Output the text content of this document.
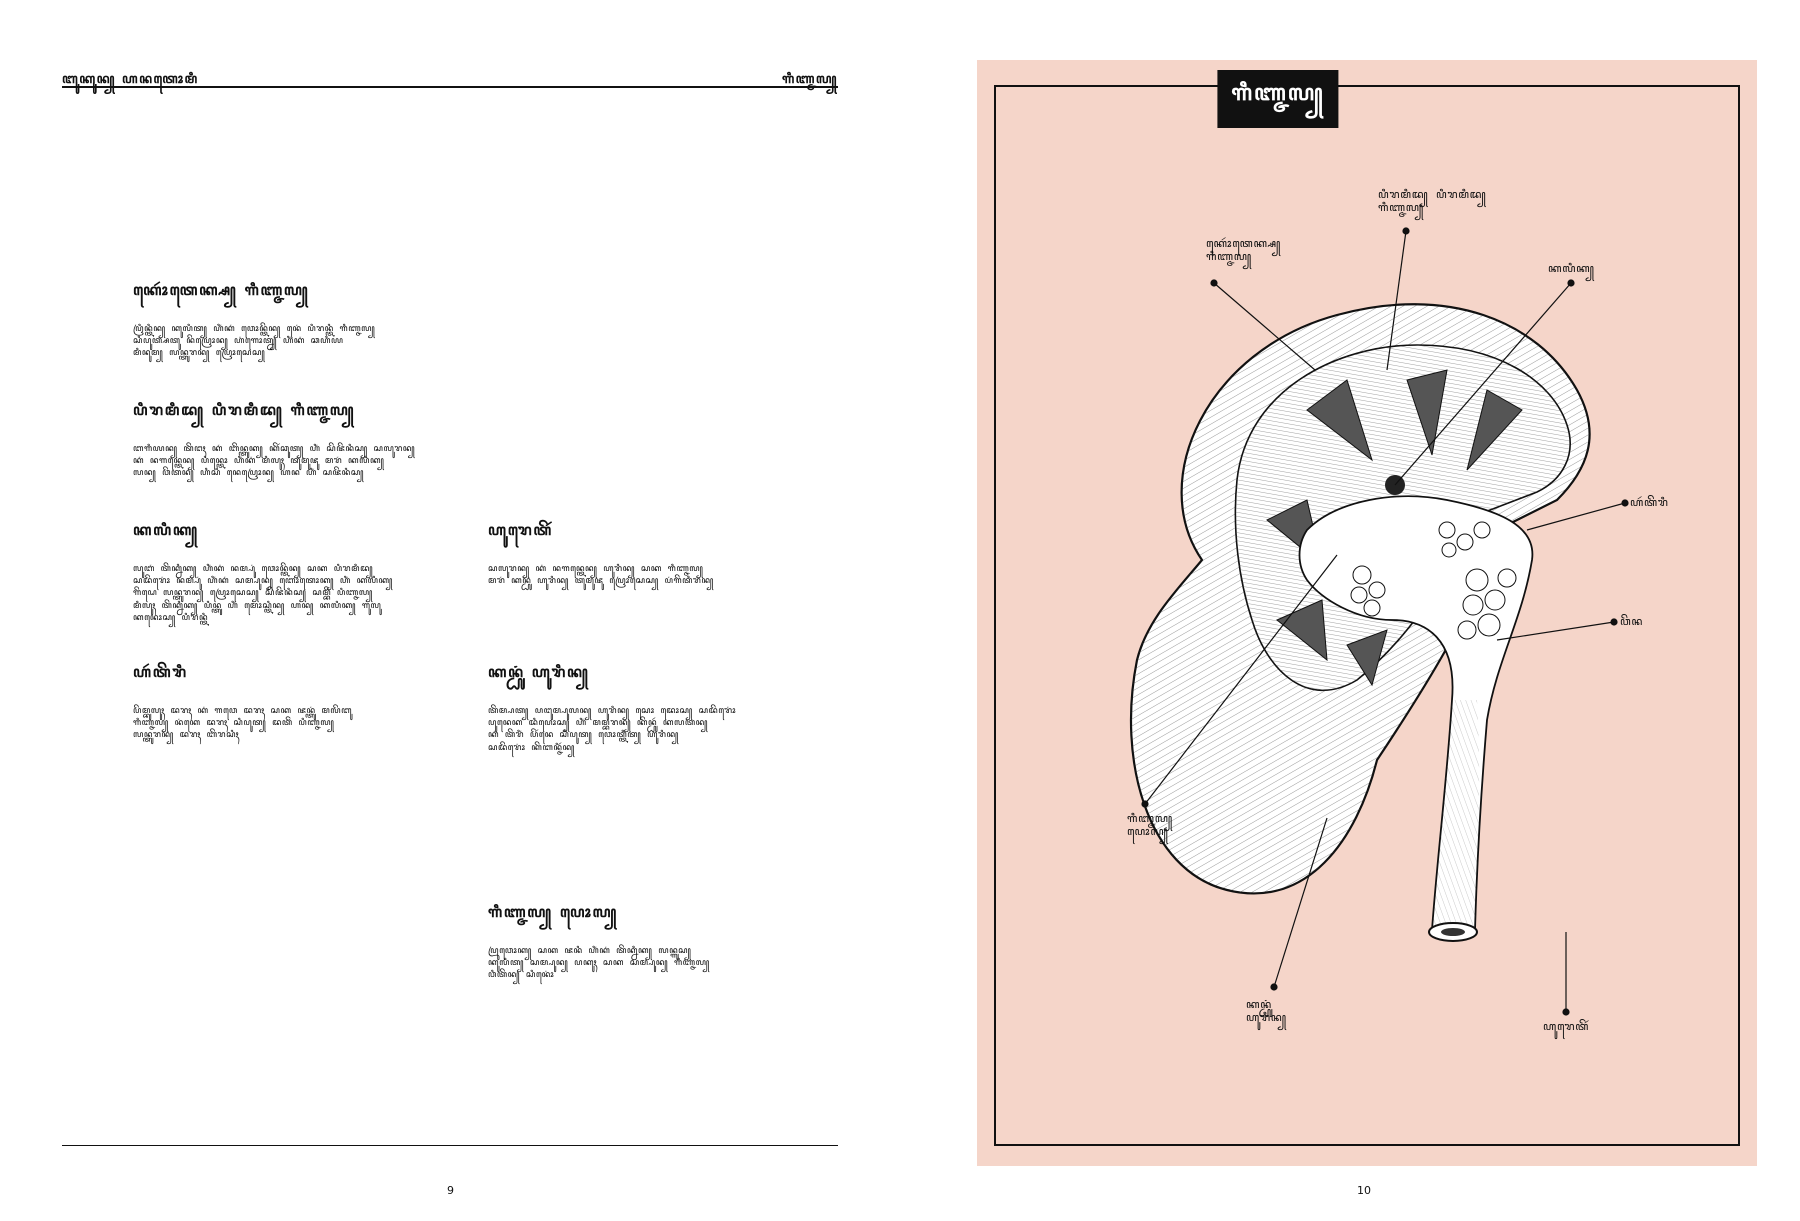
ꦧꦸꦏꦸꦤ꧀ ꦲꦤꦠꦺꦴꦩꦶ	ꦒꦶꦚ꧀ꦗꦭ꧀
ꦏꦺꦴꦂꦠꦺꦏ꧀ꦱ꧀ ꦒꦶꦚ꧀ꦗꦭ꧀

ꦥꦿꦶꦤ꧀ꦠꦶꦤ꧀ ꦏꦸꦭꦶꦠ꧀ ꦲꦶꦁꦏꦁ ꦮꦺꦴꦤ꧀ꦠꦼꦤ꧀ ꦤꦺꦁ ꦥꦶꦫꦤ꧀ꦠꦶ ꦒꦶꦚ꧀ꦗꦭ꧀
ꦱꦶꦥꦸꦠ꧀ꦱꦠꦸ ꦤꦼꦥꦿꦺꦴꦤ꧀ ꦲꦁꦒꦺꦴꦠ꧀ꦤ꧀ ꦲꦶꦁꦏꦁ ꦕꦲꦶꦪ
ꦩꦶꦤꦸꦩ꧀ ꦭꦤ꧀ꦠꦸꦫꦤ꧀ ꦥꦿꦺꦴꦱꦺꦱ꧀

ꦥꦶꦫꦩꦶꦢ꧀ ꦥꦶꦫꦩꦶꦢ꧀ ꦒꦶꦚ꧀ꦗꦭ꧀

ꦧꦒꦶꦪꦤ꧀ ꦠꦼꦔꦃ ꦏꦁ ꦧꦼꦤ꧀ꦠꦸꦏ꧀ ꦏꦼꦂꦕꦸꦠ꧀ ꦲꦶꦁ ꦱꦼꦗꦼꦤꦶꦱ꧀ ꦱꦭꦸꦫꦤ꧀
ꦏꦁ ꦤꦒꦤ꧀ꦠꦺꦤ꧀ ꦥꦶꦤ꧀ꦠꦺꦴ ꦲꦶꦁꦏꦁ ꦩꦶꦭꦸꦃ ꦠꦸꦩꦸꦗꦸ ꦩꦫꦁ ꦏꦭꦶꦏ꧀
ꦭꦤ꧀ ꦮꦼꦠꦤ꧀ ꦲꦶꦱꦶ ꦤꦺꦥꦿꦺꦴꦤ꧀ ꦲꦤ ꦲꦶꦁ ꦱꦗꦼꦤꦶꦱ꧀

ꦏꦭꦶꦏ꧀

ꦭꦸꦧꦁ ꦠꦼꦏ꧀ꦤꦶꦏ꧀ ꦲꦶꦁꦏꦁ ꦤꦩ꧀ꦥꦸꦁ ꦮꦺꦴꦤ꧀ꦠꦼꦤ꧀ ꦱꦏ ꦥꦶꦫꦩꦶꦢ꧀
ꦱꦢꦼꦫꦺꦴꦁ ꦤꦩ꧀ꦥꦸꦁ ꦲꦶꦁꦏꦁ ꦱꦩ꧀ꦥꦸꦤ꧀ ꦧꦺꦴꦠꦺꦴꦏ꧀ ꦲꦶꦁ ꦏꦭꦶꦏ꧀
ꦒꦼꦝꦺ ꦭꦤ꧀ꦠꦸꦫꦤ꧀ ꦥꦿꦺꦴꦱꦺꦱ꧀ ꦱꦼꦗꦼꦤꦶꦱ꧀ ꦱꦩ꧀ꦧꦼꦁ ꦥꦶꦚ꧀ꦗꦭ꧀
ꦩꦶꦭꦸꦃ ꦠꦼꦏ꧀ꦤꦶꦏ꧀ ꦥꦶꦤ꧀ꦠꦸ ꦲꦶꦁ ꦩꦺꦴꦱ꧀ꦠꦶꦤ꧀ ꦲꦤ꧀ ꦏꦭꦶꦏ꧀ ꦒꦸꦭꦸ
ꦏꦤꦺꦴꦱ꧀ ꦥꦶꦫꦤ꧀ꦠꦶ

ꦲꦂꦠꦼꦫꦶ

ꦥꦼꦩ꧀ꦧꦸꦭꦸꦃ ꦢꦫꦃ ꦏꦁ ꦒꦮꦺ ꦢꦫꦃ ꦱꦏ ꦗꦤ꧀ꦠꦸꦁ ꦩꦭꦼꦧꦸ
ꦒꦶꦚ꧀ꦗꦭ꧀ ꦤꦁꦏꦺ ꦢꦫꦃ ꦱꦶꦥꦸꦠ꧀ ꦢꦠꦼꦁ ꦥꦶꦚ꧀ꦗꦭ꧀
ꦭꦤ꧀ꦠꦸꦫꦤ꧀ ꦢꦫꦃ ꦧꦼꦫꦱꦶꦃ

ꦲꦸꦫꦺꦠꦼꦂ

ꦱꦭꦸꦫꦤ꧀ ꦏꦁ ꦤꦒꦤ꧀ꦠꦺꦤ꧀ ꦲꦸꦫꦶꦤ꧀ ꦱꦏ ꦒꦶꦚ꧀ꦗꦭ꧀
ꦩꦫꦁ ꦏꦤ꧀ꦝꦸꦁ ꦲꦸꦫꦶꦤ꧀ ꦠꦸꦩꦸꦗꦸ ꦥꦿꦺꦴꦱꦺꦱ꧀ ꦥꦁꦒꦼꦠꦶꦫꦤ꧀

ꦏꦤ꧀ꦝꦸꦁ ꦲꦸꦫꦶꦤ꧀

ꦠꦼꦩ꧀ꦥꦠ꧀ ꦥꦔꦸꦩ꧀ꦥꦸꦭꦤ꧀ ꦲꦸꦫꦶꦤ꧀ ꦱꦺꦴ ꦢꦺꦴꦱ꧀ ꦱꦢꦼꦫꦺꦴꦁ
ꦥꦸꦤꦺꦏ ꦢꦶꦥꦺꦴꦱ꧀ ꦲꦶꦁ ꦩꦩ꧀ꦧꦫꦤ꧀ ꦏꦼꦤ꧀ꦝꦸꦂ ꦏꦭꦠꦤ꧀
ꦏꦁ ꦠꦼꦫꦶꦁ ꦥꦼꦂꦤꦺ ꦱꦶꦥꦸꦠ꧀ ꦮꦺꦴꦠ꧀ꦠꦶꦠ꧀ ꦲꦸꦫꦶꦤ꧀
ꦱꦢꦼꦫꦺꦴꦁ ꦏꦼꦧꦤ꧀ꦗꦶꦂꦤ꧀

ꦒꦶꦚ꧀ꦗꦭ꧀ ꦥꦺꦴꦭ꧀

ꦥꦿꦸꦮꦺꦴꦏ꧀ ꦱꦏ ꦗꦤꦶ ꦲꦶꦁꦏꦁ ꦠꦼꦏ꧀ꦤꦶꦏ꧀ ꦭꦤ꧀ꦒꦸꦱ꧀
ꦏꦸꦭꦶꦠ꧀ ꦱꦩ꧀ꦥꦸꦤ꧀ ꦥꦏꦸꦃ ꦱꦏ ꦱꦩ꧀ꦥꦸꦤ꧀ ꦒꦶꦚ꧀ꦗꦭ꧀
ꦮꦶꦠꦼꦤ꧀ ꦱꦶꦤꦺꦴꦁ

9
ꦒꦶꦚ꧀ꦗꦭ꧀
ꦏꦺꦴꦂꦠꦺꦏ꧀ꦱ꧀
ꦒꦶꦚ꧀ꦗꦭ꧀
ꦥꦶꦫꦩꦶꦢ꧀ ꦥꦶꦫꦩꦶꦢ꧀
ꦒꦶꦚ꧀ꦗꦭ꧀
ꦏꦭꦶꦏ꧀
ꦲꦂꦠꦼꦫꦶ
ꦮꦼꦤ
ꦒꦶꦚ꧀ꦗꦭ꧀
ꦥꦺꦴꦭ꧀
ꦏꦤ꧀ꦝꦸꦁ
ꦲꦸꦫꦶꦤ꧀
ꦲꦸꦫꦺꦠꦼꦂ
10
